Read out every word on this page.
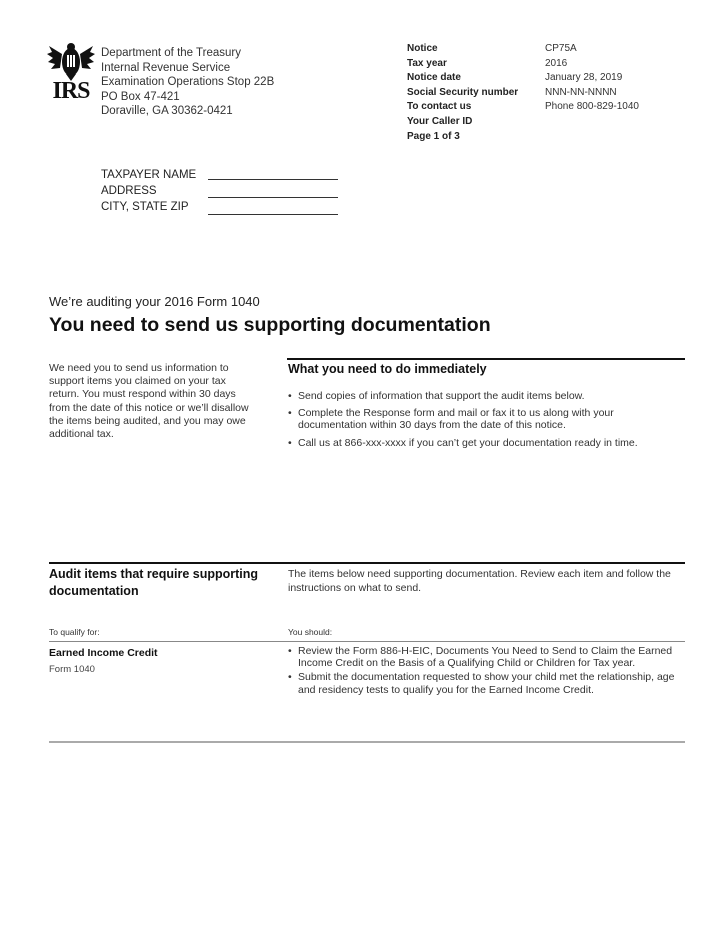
IRS
Department of the Treasury
Internal Revenue Service
Examination Operations Stop 22B
PO Box 47-421
Doraville, GA 30362-0421
Notice
Tax year
Notice date
Social Security number
To contact us
Your Caller ID
Page 1 of 3
CP75A
2016
January 28, 2019
NNN-NN-NNNN
Phone 800-829-1040
TAXPAYER NAME
ADDRESS
CITY, STATE ZIP
We’re auditing your 2016 Form 1040
You need to send us supporting documentation
We need you to send us information to support items you claimed on your tax return. You must respond within 30 days from the date of this notice or we’ll disallow the items being audited, and you may owe additional tax.
What you need to do immediately
• Send copies of information that support the audit items below.
• Complete the Response form and mail or fax it to us along with your documentation within 30 days from the date of this notice.
• Call us at 866-xxx-xxxx if you can’t get your documentation ready in time.
Audit items that require supporting documentation
The items below need supporting documentation. Review each item and follow the instructions on what to send.
To qualify for:	You should:
Earned Income Credit
Form 1040
• Review the Form 886-H-EIC, Documents You Need to Send to Claim the Earned Income Credit on the Basis of a Qualifying Child or Children for Tax year.
• Submit the documentation requested to show your child met the relationship, age and residency tests to qualify you for the Earned Income Credit.
